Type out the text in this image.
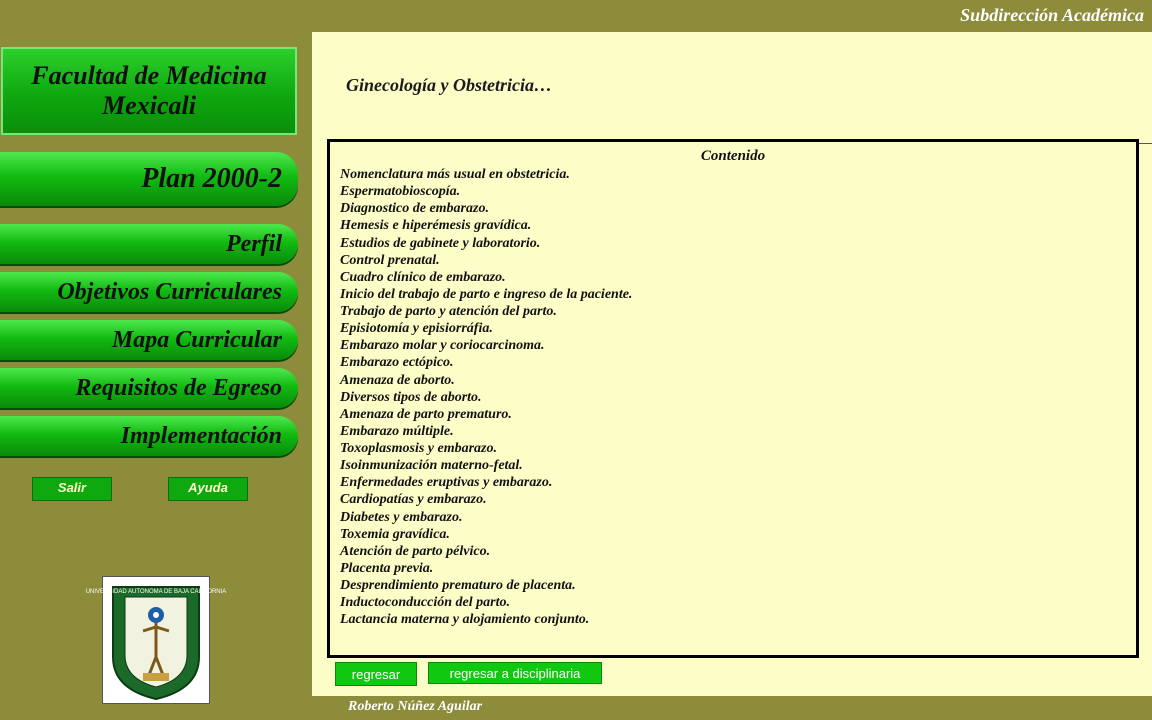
Subdirección Académica
Roberto Núñez Aguilar
Facultad de Medicina
Mexicali
Plan 2000-2
Perfil
Objetivos Curriculares
Mapa Curricular
Requisitos de Egreso
Implementación
Salir	Ayuda
UNIVERSIDAD AUTONOMA DE BAJA CALIFORNIA
Ginecología y Obstetricia…
Contenido
Nomenclatura más usual en obstetricia.
Espermatobioscopía.
Diagnostico de embarazo.
Hemesis e hiperémesis gravídica.
Estudios de gabinete y laboratorio.
Control prenatal.
Cuadro clínico de embarazo.
Inicio del trabajo de parto e ingreso de la paciente.
Trabajo de parto y atención del parto.
Episiotomía y episiorráfia.
Embarazo molar y coriocarcinoma.
Embarazo ectópico.
Amenaza de aborto.
Diversos tipos de aborto.
Amenaza de parto prematuro.
Embarazo múltiple.
Toxoplasmosis y embarazo.
Isoinmunización materno-fetal.
Enfermedades eruptivas y embarazo.
Cardiopatías y embarazo.
Diabetes y embarazo.
Toxemia gravídica.
Atención de parto pélvico.
Placenta previa.
Desprendimiento prematuro de placenta.
Inductoconducción del parto.
Lactancia materna y alojamiento conjunto.
regresar	regresar a disciplinaria
